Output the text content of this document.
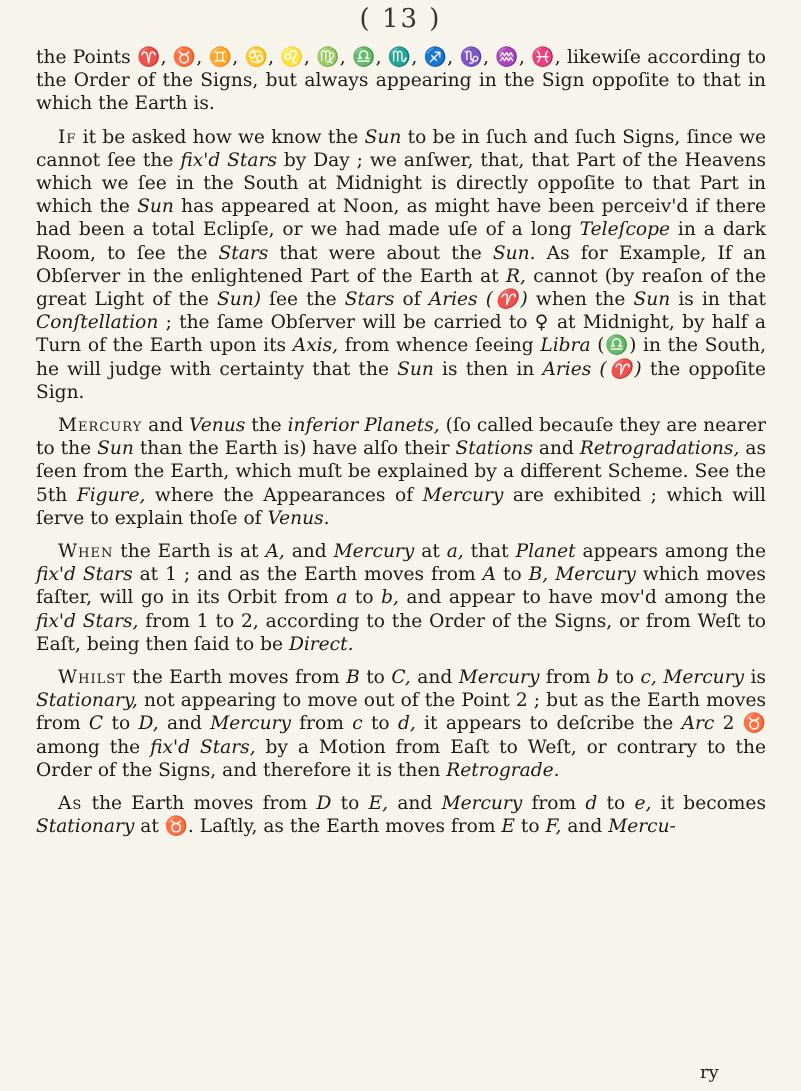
( 13 )

the Points ♈, ♉, ♊, ♋, ♌, ♍, ♎, ♏, ♐, ♑, ♒, ♓, likewiſe according to the Order of the Signs, but always appearing in the Sign oppoſite to that in which the Earth is.

If it be asked how we know the Sun to be in ſuch and ſuch Signs, ſince we cannot ſee the fix'd Stars by Day ; we anſwer, that, that Part of the Heavens which we ſee in the South at Midnight is directly oppoſite to that Part in which the Sun has appeared at Noon, as might have been perceiv'd if there had been a total Eclipſe, or we had made uſe of a long Teleſcope in a dark Room, to ſee the Stars that were about the Sun. As for Example, If an Obſerver in the enlightened Part of the Earth at R, cannot (by reaſon of the great Light of the Sun) ſee the Stars of Aries (♈) when the Sun is in that Conſtellation ; the ſame Obſerver will be carried to ♀ at Midnight, by half a Turn of the Earth upon its Axis, from whence ſeeing Libra (♎) in the South, he will judge with certainty that the Sun is then in Aries (♈) the oppoſite Sign.

Mercury and Venus the inferior Planets, (ſo called becauſe they are nearer to the Sun than the Earth is) have alſo their Stations and Retrogradations, as ſeen from the Earth, which muſt be explained by a different Scheme. See the 5th Figure, where the Appearances of Mercury are exhibited ; which will ſerve to explain thoſe of Venus.

When the Earth is at A, and Mercury at a, that Planet appears among the fix'd Stars at 1 ; and as the Earth moves from A to B, Mercury which moves faſter, will go in its Orbit from a to b, and appear to have mov'd among the fix'd Stars, from 1 to 2, according to the Order of the Signs, or from Weſt to Eaſt, being then ſaid to be Direct.

Whilst the Earth moves from B to C, and Mercury from b to c, Mercury is Stationary, not appearing to move out of the Point 2 ; but as the Earth moves from C to D, and Mercury from c to d, it appears to deſcribe the Arc 2 ♉ among the fix'd Stars, by a Motion from Eaſt to Weſt, or contrary to the Order of the Signs, and therefore it is then Retrograde.

As the Earth moves from D to E, and Mercury from d to e, it becomes Stationary at ♉. Laſtly, as the Earth moves from E to F, and Mercu-

ry
